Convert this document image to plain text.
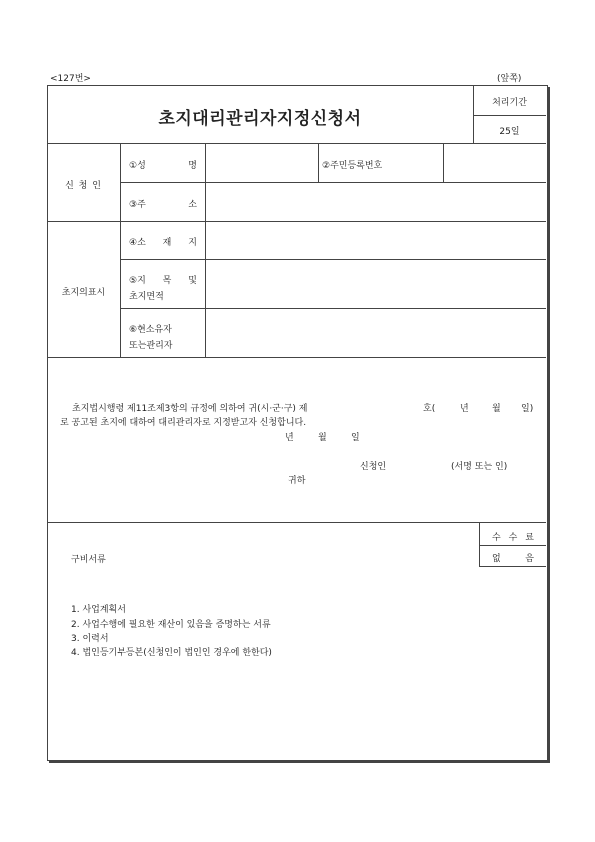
<127번>	(앞쪽)
초지대리관리자지정신청서
처리기간
25일
신 청 인
①성	명	②주민등록번호
③주	소
초지의표시
④소 재 지
⑤지 목 및
초지면적
⑥현소유자
또는관리자
초지법시행령 제11조제3항의 규정에 의하여 귀(시·군·구) 제	호(	년	월 일)
로 공고된 초지에 대하여 대리관리자로 지정받고자 신청합니다.
년	월	일
신청인	(서명 또는 인)
귀하
수 수 료
없	음
구비서류
1. 사업계획서
2. 사업수행에 필요한 재산이 있음을 증명하는 서류
3. 이력서
4. 법인등기부등본(신청인이 법인인 경우에 한한다)
